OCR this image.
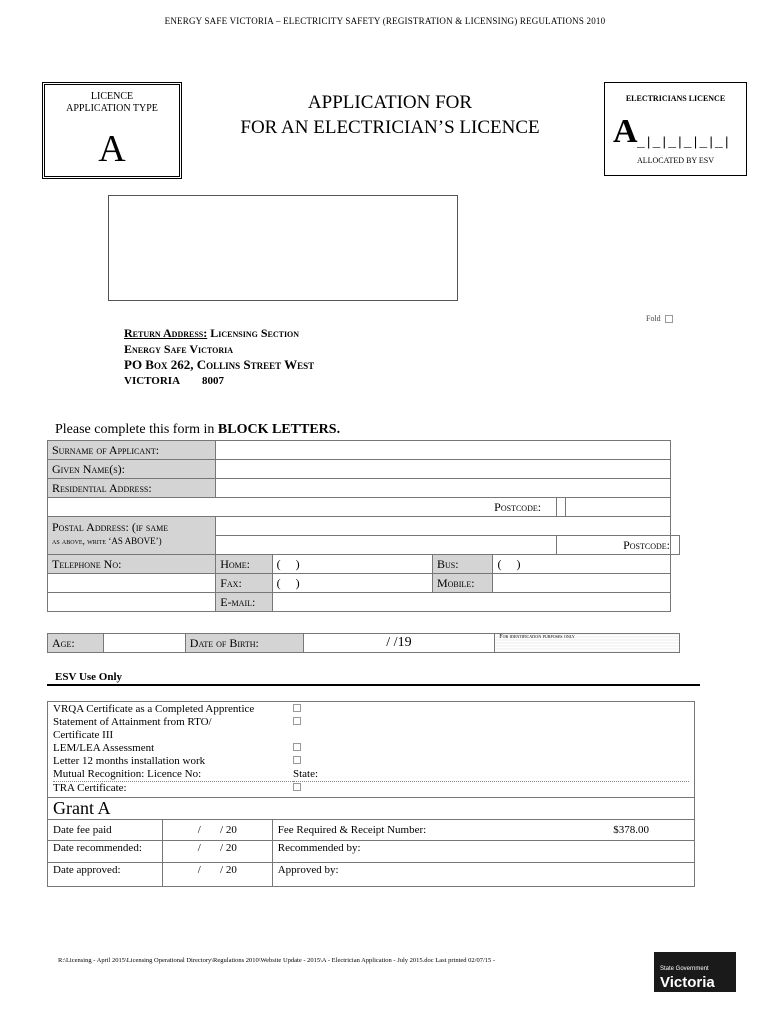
ENERGY SAFE VICTORIA – ELECTRICITY SAFETY (REGISTRATION & LICENSING) REGULATIONS 2010
LICENCE
APPLICATION TYPE
A
APPLICATION FOR
FOR AN ELECTRICIAN’S LICENCE
ELECTRICIANS LICENCE
A _|_|_|_|_|_|
ALLOCATED BY ESV
Fold
Return Address: Licensing Section
Energy Safe Victoria
PO Box 262, Collins Street West
VICTORIA 8007
Please complete this form in BLOCK LETTERS.
Surname of Applicant:							
Given Name(s):							
Residential Address:							
						Postcode:	

Postal Address: (if same
as above, write ‘AS ABOVE’)							

					Postcode:		
Telephone No:	Home:	(     )	Bus:	(     )			
	Fax:	(     )	Mobile:				
	E-mail:						
Age:		Date of Birth:	/ /19	For identification purposes only
ESV Use Only
VRQA Certificate as a Completed Apprentice	
Statement of Attainment from RTO/	
Certificate III	
LEM/LEA Assessment	
Letter 12 months installation work	
Mutual Recognition: Licence No:	State:
TRA Certificate:	

Grant A
Date fee paid	/       / 20	Fee Required & Receipt Number:	$378.00
Date recommended:	/       / 20	Recommended by:
Date approved:	/       / 20	Approved by:
R:\Licensing - April 2015\Licensing Operational Directory\Regulations 2010\Website Update - 2015\A - Electrician Application - July 2015.doc Last printed 02/07/15 -
State Government
Victoria
